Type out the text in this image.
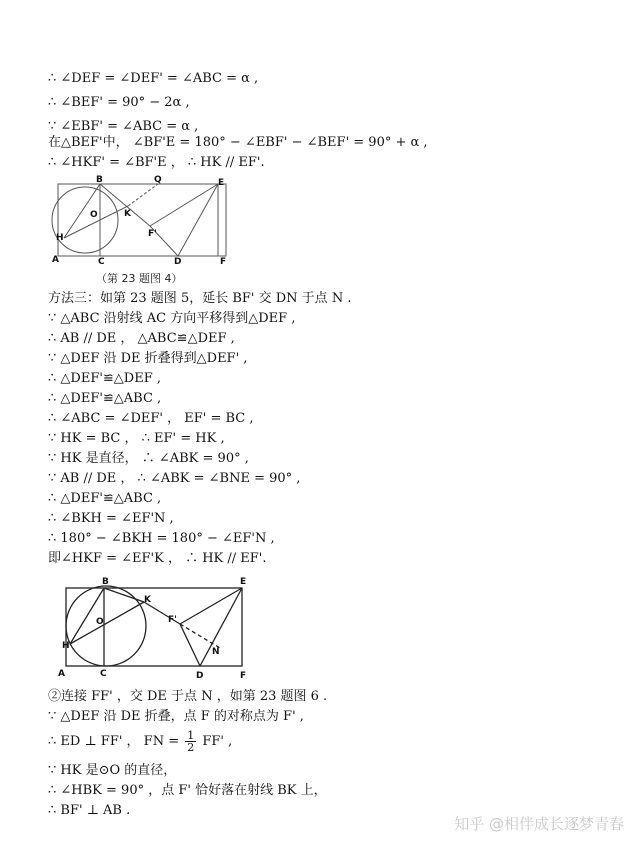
∴ ∠DEF = ∠DEF' = ∠ABC = α ,
∴ ∠BEF' = 90° − 2α ,
∵ ∠EBF' = ∠ABC = α ,
在△BEF'中， ∠BF'E = 180° − ∠EBF' − ∠BEF' = 90° + α ,
∴ ∠HKF' = ∠BF'E ， ∴ HK // EF'.
B	Q	E
O	K
F'
H
A	C	D	F
（第 23 题图 4）
方法三：如第 23 题图 5，延长 BF' 交 DN 于点 N .
∵ △ABC 沿射线 AC 方向平移得到△DEF ,
∴ AB // DE ， △ABC≌△DEF ,
∵ △DEF 沿 DE 折叠得到△DEF' ,
∴ △DEF'≌△DEF ,
∴ △DEF'≌△ABC ,
∴ ∠ABC = ∠DEF' ， EF' = BC ,
∵ HK = BC ， ∴ EF' = HK ,
∵ HK 是直径， ∴ ∠ABK = 90° ,
∵ AB // DE ， ∴ ∠ABK = ∠BNE = 90° ,
∴ △DEF'≌△ABC ,
∴ ∠BKH = ∠EF'N ,
∴ 180° − ∠BKH = 180° − ∠EF'N ,
即∠HKF = ∠EF'K ， ∴ HK // EF'.
B	E
K
O	F'
H
N
A	C	D	F
②连接 FF' ，交 DE 于点 N ，如第 23 题图 6 .
∵ △DEF 沿 DE 折叠，点 F 的对称点为 F' ,
∴ ED ⊥ FF' ， FN = $\frac{1}{2} FF'$ ,
∵ HK 是⊙O 的直径，
∴ ∠HBK = 90° ，点 F' 恰好落在射线 BK 上，
∴ BF' ⊥ AB .
知乎 @相伴成长逐梦青春
